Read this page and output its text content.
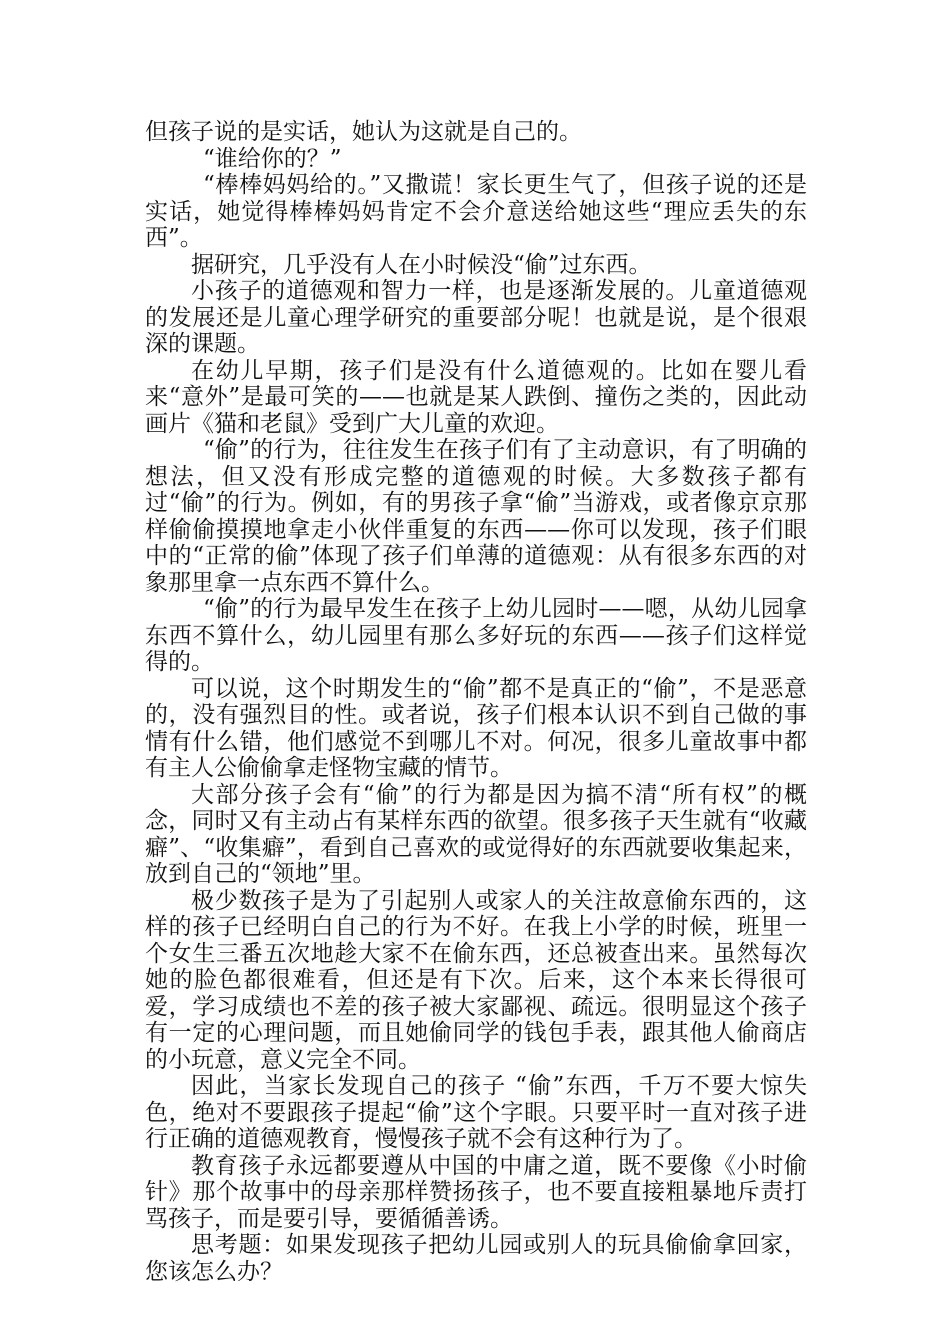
但孩子说的是实话，她认为这就是自己的。

“谁给你的？”

“棒棒妈妈给的。”又撒谎！家长更生气了，但孩子说的还是实话，她觉得棒棒妈妈肯定不会介意送给她这些“理应丢失的东西”。

据研究，几乎没有人在小时候没“偷”过东西。

小孩子的道德观和智力一样，也是逐渐发展的。儿童道德观的发展还是儿童心理学研究的重要部分呢！也就是说，是个很艰深的课题。

在幼儿早期，孩子们是没有什么道德观的。比如在婴儿看来“意外”是最可笑的——也就是某人跌倒、撞伤之类的，因此动画片《猫和老鼠》受到广大儿童的欢迎。

“偷”的行为，往往发生在孩子们有了主动意识，有了明确的想法，但又没有形成完整的道德观的时候。大多数孩子都有过“偷”的行为。例如，有的男孩子拿“偷”当游戏，或者像京京那样偷偷摸摸地拿走小伙伴重复的东西——你可以发现，孩子们眼中的“正常的偷”体现了孩子们单薄的道德观：从有很多东西的对象那里拿一点东西不算什么。

“偷”的行为最早发生在孩子上幼儿园时——嗯，从幼儿园拿东西不算什么，幼儿园里有那么多好玩的东西——孩子们这样觉得的。

可以说，这个时期发生的“偷”都不是真正的“偷”，不是恶意的，没有强烈目的性。或者说，孩子们根本认识不到自己做的事情有什么错，他们感觉不到哪儿不对。何况，很多儿童故事中都有主人公偷偷拿走怪物宝藏的情节。

大部分孩子会有“偷”的行为都是因为搞不清“所有权”的概念，同时又有主动占有某样东西的欲望。很多孩子天生就有“收藏癖”、“收集癖”，看到自己喜欢的或觉得好的东西就要收集起来，放到自己的“领地”里。

极少数孩子是为了引起别人或家人的关注故意偷东西的，这样的孩子已经明白自己的行为不好。在我上小学的时候，班里一个女生三番五次地趁大家不在偷东西，还总被查出来。虽然每次她的脸色都很难看，但还是有下次。后来，这个本来长得很可爱，学习成绩也不差的孩子被大家鄙视、疏远。很明显这个孩子有一定的心理问题，而且她偷同学的钱包手表，跟其他人偷商店的小玩意，意义完全不同。

因此，当家长发现自己的孩子 “偷”东西，千万不要大惊失色，绝对不要跟孩子提起“偷”这个字眼。只要平时一直对孩子进行正确的道德观教育，慢慢孩子就不会有这种行为了。

教育孩子永远都要遵从中国的中庸之道，既不要像《小时偷针》那个故事中的母亲那样赞扬孩子，也不要直接粗暴地斥责打骂孩子，而是要引导，要循循善诱。

思考题：如果发现孩子把幼儿园或别人的玩具偷偷拿回家，您该怎么办？
